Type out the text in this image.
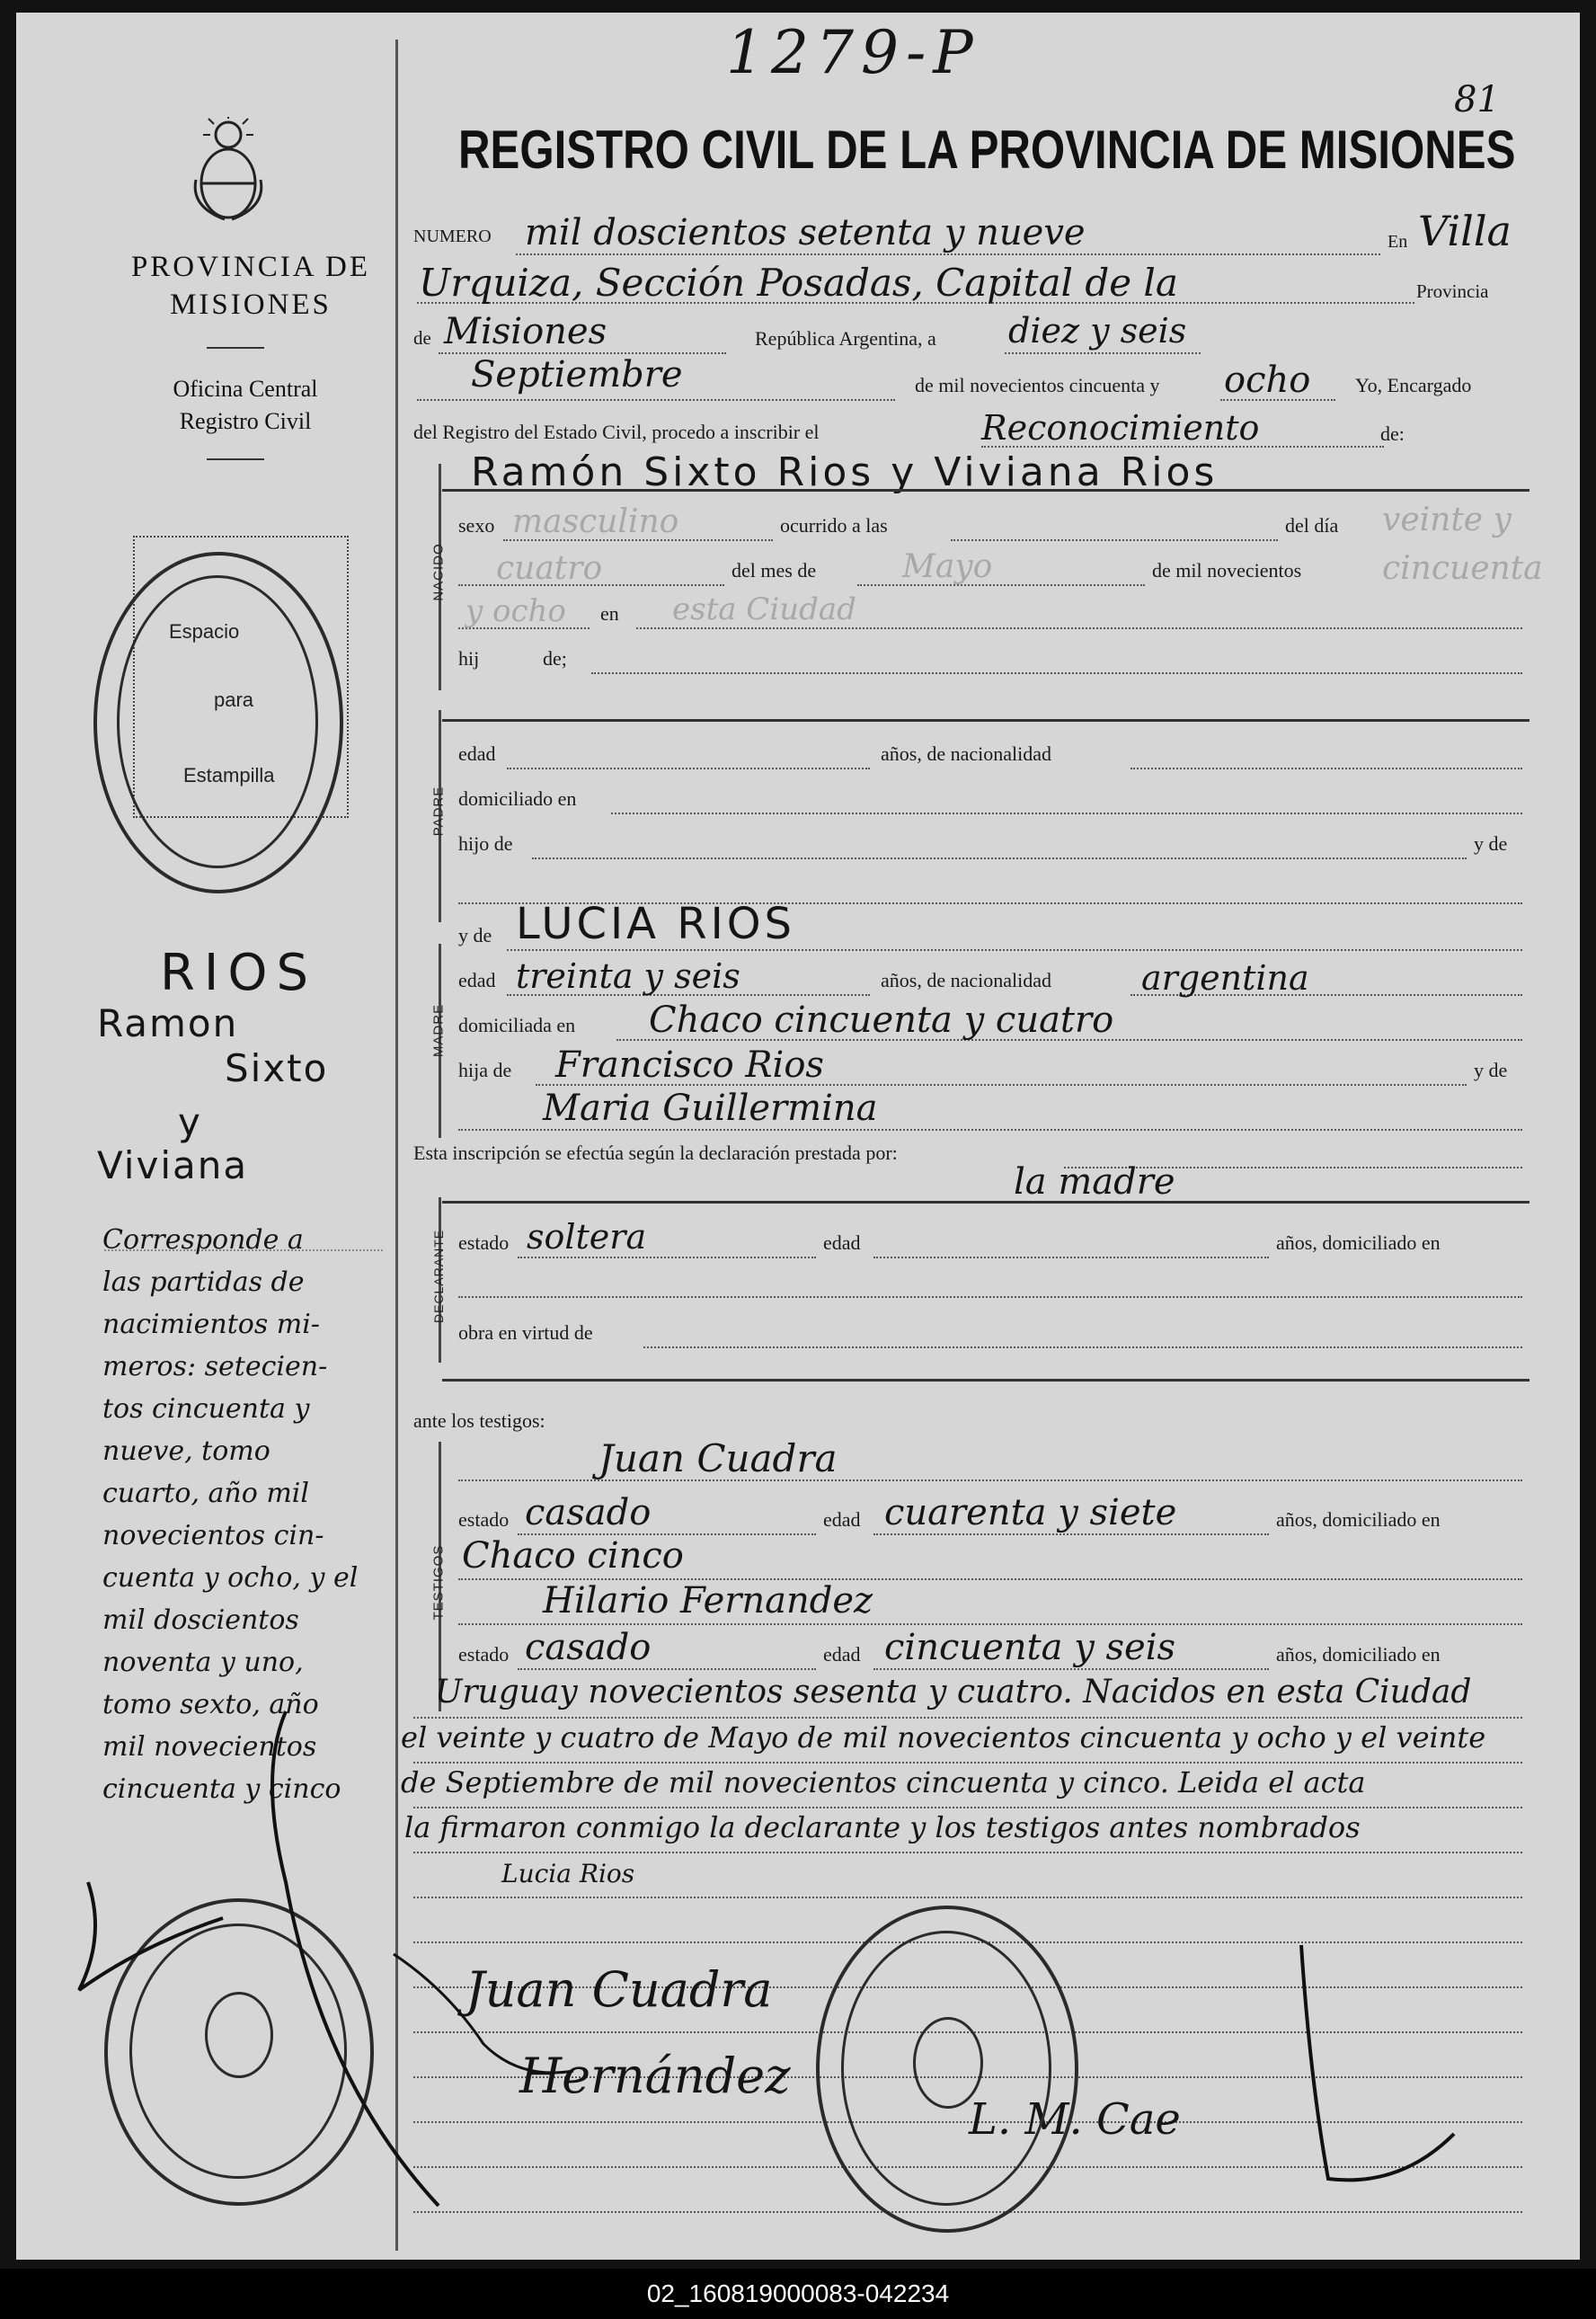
1279-P
81
PROVINCIA DE MISIONES
Oficina Central
Registro Civil
Espacio
para
Estampilla
RIOS
Ramon
Sixto
y
Viviana
Corresponde a
las partidas de
nacimientos mi-
meros: setecien-
tos cincuenta y
nueve, tomo
cuarto, año mil
novecientos cin-
cuenta y ocho, y el
mil doscientos
noventa y uno,
tomo sexto, año
mil novecientos
cincuenta y cinco
REGISTRO CIVIL DE LA PROVINCIA DE MISIONES
NUMERO mil doscientos setenta y nueve	En Villa
Urquiza, Sección Posadas, Capital de la	Provincia
de Misiones	República Argentina, a diez y seis
Septiembre	de mil novecientos cincuenta y ocho Yo, Encargado
del Registro del Estado Civil, procedo a inscribir el	Reconocimiento	de:
Ramón Sixto Rios y Viviana Rios
NACIDO
sexo masculino	ocurrido a las	del día veinte y
cuatro	del mes de	Mayo	de mil novecientos cincuenta
y ocho en esta Ciudad
hij	de;
PADRE
edad	años, de nacionalidad
domiciliado en
hijo de	y de
MADRE
y de LUCIA RIOS
edad treinta y seis	años, de nacionalidad	argentina
domiciliada en Chaco cincuenta y cuatro
hija de Francisco Rios	y de
Maria Guillermina
Esta inscripción se efectúa según la declaración prestada por:
la madre
DECLARANTE estado soltera	edad	años, domiciliado en
obra en virtud de
ante los testigos:
TESTIGOS
Juan Cuadra
estado casado	edad cuarenta y siete	años, domiciliado en
Chaco cinco
Hilario Fernandez
estado casado	edad cincuenta y seis	años, domiciliado en
Uruguay novecientos sesenta y cuatro. Nacidos en esta Ciudad
el veinte y cuatro de Mayo de mil novecientos cincuenta y ocho y el veinte
de Septiembre de mil novecientos cincuenta y cinco. Leida el acta
la firmaron conmigo la declarante y los testigos antes nombrados
Lucia Rios
Juan Cuadra
Hernández
L. M. Cae
02_160819000083-042234
